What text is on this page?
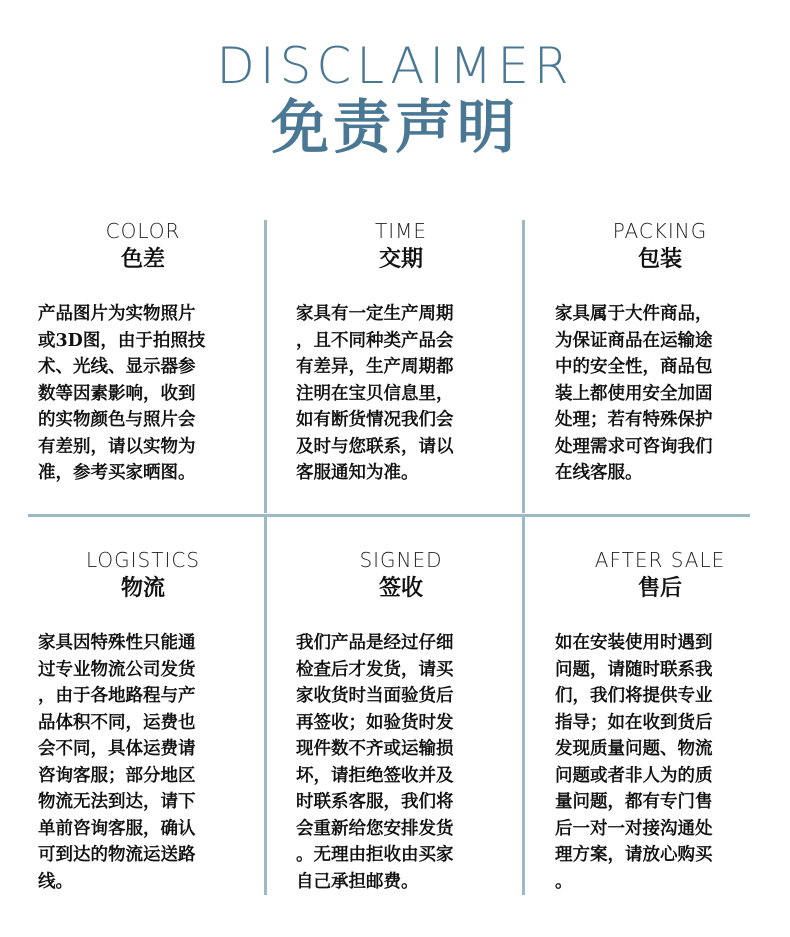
DISCLAIMER
免责声明
COLOR
色差
产品图片为实物照片
或3D图，由于拍照技
术、光线、显示器参
数等因素影响，收到
的实物颜色与照片会
有差别，请以实物为
准，参考买家晒图。
TIME
交期
家具有一定生产周期
，且不同种类产品会
有差异，生产周期都
注明在宝贝信息里，
如有断货情况我们会
及时与您联系，请以
客服通知为准。
PACKING
包装
家具属于大件商品，
为保证商品在运输途
中的安全性，商品包
装上都使用安全加固
处理；若有特殊保护
处理需求可咨询我们
在线客服。
LOGISTICS
物流
家具因特殊性只能通
过专业物流公司发货
，由于各地路程与产
品体积不同，运费也
会不同，具体运费请
咨询客服；部分地区
物流无法到达，请下
单前咨询客服，确认
可到达的物流运送路
线。
SIGNED
签收
我们产品是经过仔细
检查后才发货，请买
家收货时当面验货后
再签收；如验货时发
现件数不齐或运输损
坏，请拒绝签收并及
时联系客服，我们将
会重新给您安排发货
。无理由拒收由买家
自己承担邮费。
AFTER SALE
售后
如在安装使用时遇到
问题，请随时联系我
们，我们将提供专业
指导；如在收到货后
发现质量问题、物流
问题或者非人为的质
量问题，都有专门售
后一对一对接沟通处
理方案，请放心购买
。
